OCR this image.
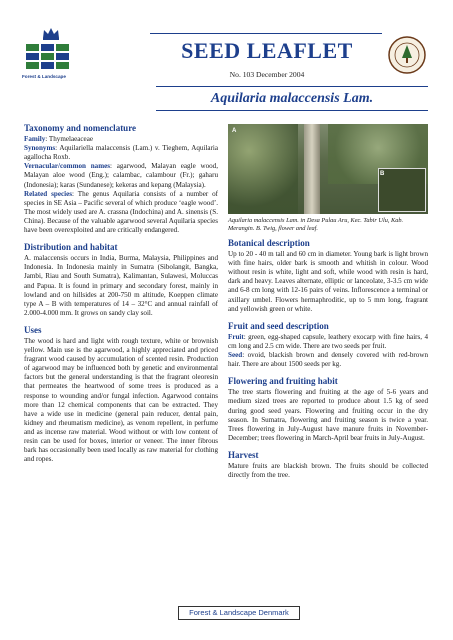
Forest & Landscape
SEED LEAFLET
No. 103 December 2004
Aquilaria malaccensis Lam.
Taxonomy and nomenclature
Family: Thymelaeaceae
Synonyms: Aquilariella malaccensis (Lam.) v. Tieghem, Aquilaria agallocha Roxb.
Vernacular/common names: agarwood, Malayan eagle wood, Malayan aloe wood (Eng.); calambac, calambour (Fr.); gaharu (Indonesia); karas (Sundanese); kekeras and kepang (Malaysia).
Related species: The genus Aquilaria consists of a number of species in SE Asia – Pacific several of which produce ‘eagle wood’. The most widely used are A. crassna (Indochina) and A. sinensis (S. China). Because of the valuable agarwood several Aquilaria species have been overexploited and are critically endangered.
Distribution and habitat
A. malaccensis occurs in India, Burma, Malaysia, Philippines and Indonesia. In Indonesia mainly in Sumatra (Sibolangit, Bangka, Jambi, Riau and South Sumatra), Kalimantan, Sulawesi, Moluccas and Papua. It is found in primary and secondary forest, mainly in lowland and on hillsides at 200-750 m altitude, Koeppen climate type A – B with temperatures of 14 – 32°C and annual rainfall of 2.000-4.000 mm. It grows on sandy clay soil.
Uses
The wood is hard and light with rough texture, white or brownish yellow. Main use is the agarwood, a highly appreciated and priced fragrant wood caused by accumulation of scented resin. Production of agarwood may be influenced both by genetic and environmental factors but the general understanding is that the fragrant oleoresin that permeates the heartwood of some trees is produced as a response to wounding and/or fungal infection. Agarwood contains more than 12 chemical components that can be extracted. They have a wide use in medicine (general pain reducer, dental pain, kidney and rheumatism medicine), as venom repellent, in perfume and as incense raw material. Wood without or with low content of resin can be used for boxes, interior or veneer. The inner fibrous bark has occasionally been used locally as raw material for clothing and ropes.
A
B
Aquilaria malaccensis Lam. in Desa Pulau Aru, Kec. Tabir Ulu, Kab. Merangin. B. Twig, flower and leaf.
Botanical description
Up to 20 - 40 m tall and 60 cm in diameter. Young bark is light brown with fine hairs, older bark is smooth and whitish in colour. Wood without resin is white, light and soft, while wood with resin is hard, dark and heavy. Leaves alternate, elliptic or lanceolate, 3-3.5 cm wide and 6-8 cm long with 12-16 pairs of veins. Inflorescence a terminal or axillary umbel. Flowers hermaphroditic, up to 5 mm long, fragrant and yellowish green or white.
Fruit and seed description
Fruit: green, egg-shaped capsule, leathery exocarp with fine hairs, 4 cm long and 2.5 cm wide. There are two seeds per fruit.
Seed: ovoid, blackish brown and densely covered with red-brown hair. There are about 1500 seeds per kg.
Flowering and fruiting habit
The tree starts flowering and fruiting at the age of 5-6 years and medium sized trees are reported to produce about 1.5 kg of seed during good seed years. Flowering and fruiting occur in the dry season. In Sumatra, flowering and fruiting season is twice a year. Trees flowering in July-August have manure fruits in November-December; trees flowering in March-April bear fruits in July-August.
Harvest
Mature fruits are blackish brown. The fruits should be collected directly from the tree.
Forest & Landscape Denmark
